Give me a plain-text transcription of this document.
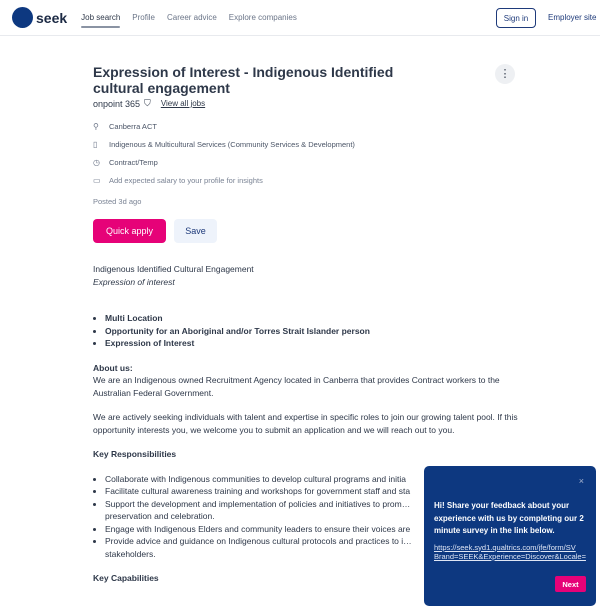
seek Job search Profile Career advice Explore companies	Sign in	Employer site
Expression of Interest - Indigenous Identified cultural engagement
⋮
onpoint 365 ⛉ View all jobs
⚲	Canberra ACT
▯	Indigenous & Multicultural Services (Community Services & Development)
◷	Contract/Temp
▭	Add expected salary to your profile for insights
Posted 3d ago
Quick apply	Save
Indigenous Identified Cultural Engagement
Expression of interest
• Multi Location
• Opportunity for an Aboriginal and/or Torres Strait Islander person
• Expression of Interest
About us:

We are an Indigenous owned Recruitment Agency located in Canberra that provides Contract workers to the Australian Federal Government.

We are actively seeking individuals with talent and expertise in specific roles to join our growing talent pool. If this opportunity interests you, we welcome you to submit an application and we will reach out to you.

Key Responsibilities
• Collaborate with Indigenous communities to develop cultural programs and initia
• Facilitate cultural awareness training and workshops for government staff and sta
• Support the development and implementation of policies and initiatives to prom… preservation and celebration.
• Engage with Indigenous Elders and community leaders to ensure their voices are
• Provide advice and guidance on Indigenous cultural protocols and practices to i… stakeholders.
Key Capabilities
×
Hi! Share your feedback about your experience with us by completing our 2 minute survey in the link below.
https://seek.syd1.qualtrics.com/jfe/form/SV
Brand=SEEK&Experience=Discover&Locale=
Next
